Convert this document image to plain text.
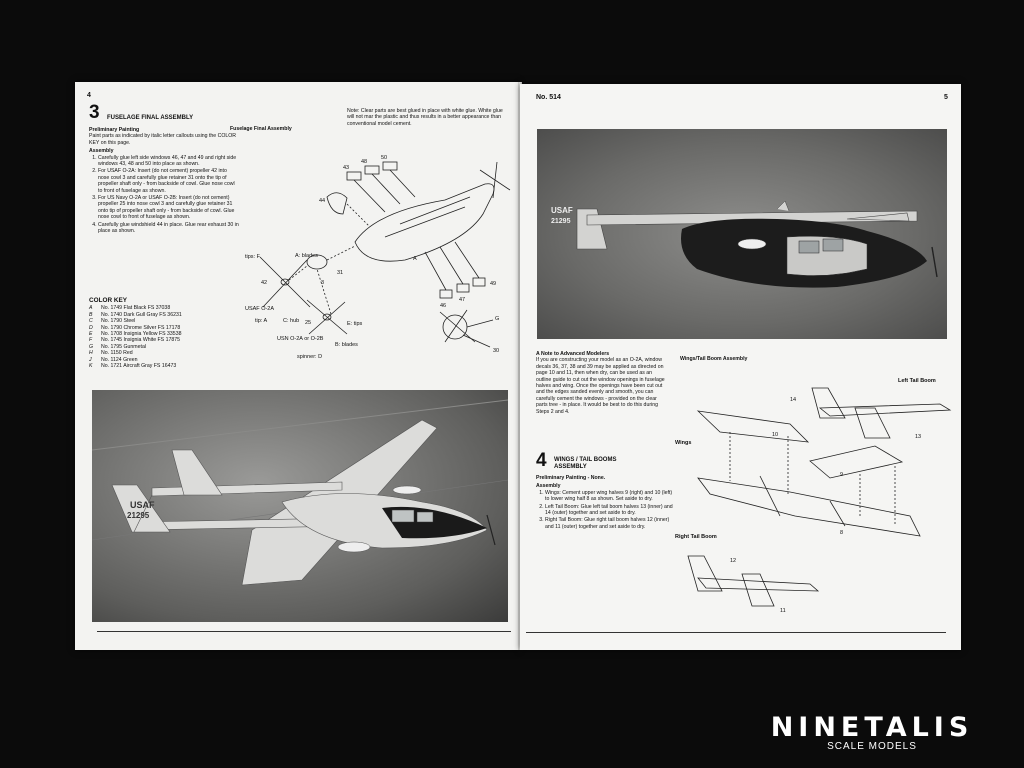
4
3 FUSELAGE FINAL ASSEMBLY
Preliminary Painting
Paint parts as indicated by italic letter callouts using the COLOR KEY on this page.
Assembly
1. Carefully glue left side windows 46, 47 and 49 and right side windows 43, 48 and 50 into place as shown.
2. For USAF O-2A: Insert (do not cement) propeller 42 into nose cowl 3 and carefully glue retainer 31 onto the tip of propeller shaft only - from backside of cowl. Glue nose cowl to front of fuselage as shown.
3. For US Navy O-2A or USAF O-2B: Insert (do not cement) propeller 25 into nose cowl 3 and carefully glue retainer 31 onto tip of propeller shaft only - from backside of cowl. Glue nose cowl to front of fuselage as shown.
4. Carefully glue windshield 44 in place. Glue rear exhaust 30 in place as shown.
Fuselage Final Assembly
Note: Clear parts are best glued in place with white glue. White glue will not mar the plastic and thus results in a better appearance than conventional model cement.
43
48
50
44
46
47
49
tips: F	A: blades
42
31
3
USAF O-2A
tip: A	C: hub 25	E: tips
USN O-2A or O-2B
B: blades
spinner: D
A
G
30
COLOR KEY
A	No. 1749 Flat Black FS 37038
B	No. 1740 Dark Gull Gray FS 36231
C	No. 1790 Steel
D	No. 1790 Chrome Silver FS 17178
E	No. 1708 Insignia Yellow FS 33538
F	No. 1745 Insignia White FS 17875
G	No. 1795 Gunmetal
H	No. 1150 Red
J	No. 1124 Green
K	No. 1721 Aircraft Gray FS 16473
USAF
21295
No. 514	5
USAF
21295
A Note to Advanced Modelers
If you are constructing your model as an O-2A, window decals 36, 37, 38 and 39 may be applied as directed on page 10 and 11, then when dry, can be used as an outline guide to cut out the window openings in fuselage halves and wing. Once the openings have been cut out and the edges sanded evenly and smooth, you can carefully cement the windows - provided on the clear parts tree - in place. It would be best to do this during Steps 2 and 4.
Wings/Tail Boom Assembly
Left Tail Boom
14
13
Wings
10
9
8
Right Tail Boom
12
11
4 WINGS / TAIL BOOMS ASSEMBLY
Preliminary Painting - None.
Assembly
1. Wings: Cement upper wing halves 9 (right) and 10 (left) to lower wing half 8 as shown. Set aside to dry.
2. Left Tail Boom: Glue left tail boom halves 13 (inner) and 14 (outer) together and set aside to dry.
3. Right Tail Boom: Glue right tail boom halves 12 (inner) and 11 (outer) together and set aside to dry.
NINETALIS
SCALE MODELS
